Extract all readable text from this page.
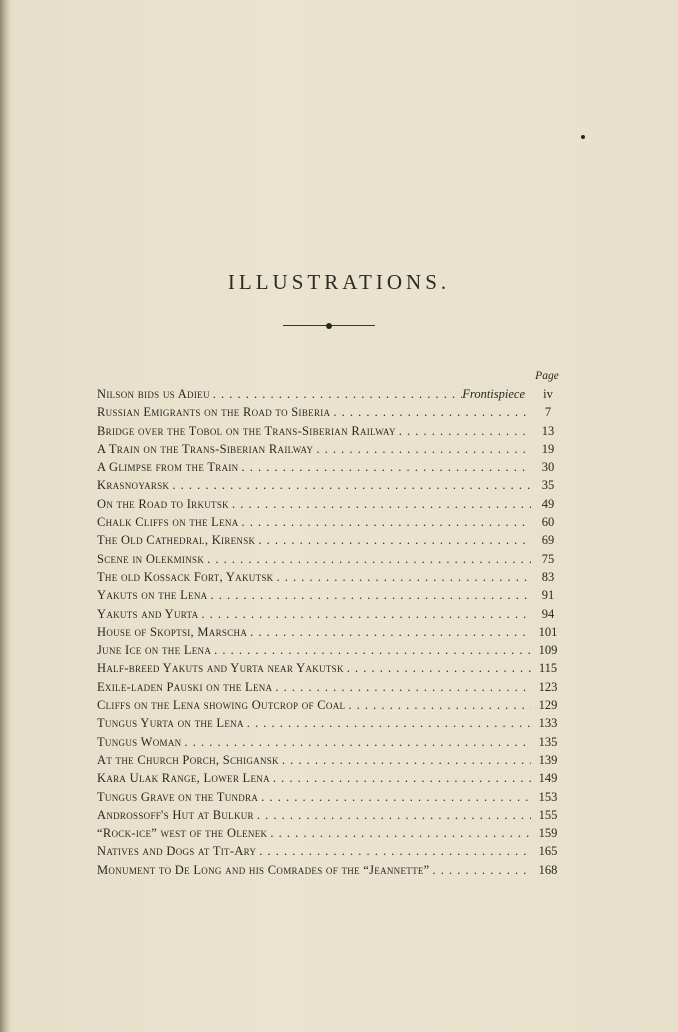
ILLUSTRATIONS.
Page
Nilson bids us Adieu . . .	Frontispiece	iv
Russian Emigrants on the Road to Siberia . . .	7
Bridge over the Tobol on the Trans-Siberian Railway . . .	13
A Train on the Trans-Siberian Railway . . .	19
A Glimpse from the Train . . .	30
Krasnoyarsk . . .	35
On the Road to Irkutsk . . .	49
Chalk Cliffs on the Lena . . .	60
The Old Cathedral, Kirensk . . .	69
Scene in Olekminsk . . .	75
The old Kossack Fort, Yakutsk . . .	83
Yakuts on the Lena . . .	91
Yakuts and Yurta . . .	94
House of Skoptsi, Marscha . . .	101
June Ice on the Lena . . .	109
Half-breed Yakuts and Yurta near Yakutsk . . .	115
Exile-laden Pauski on the Lena . . .	123
Cliffs on the Lena showing Outcrop of Coal . . .	129
Tungus Yurta on the Lena . . .	133
Tungus Woman . . .	135
At the Church Porch, Schigansk . . .	139
Kara Ulak Range, Lower Lena . . .	149
Tungus Grave on the Tundra . . .	153
Androssoff's Hut at Bulkur . . .	155
“Rock-ice” west of the Olenek . . .	159
Natives and Dogs at Tit-Ary . . .	165
Monument to De Long and his Comrades of the “Jeannette” . . .	168
